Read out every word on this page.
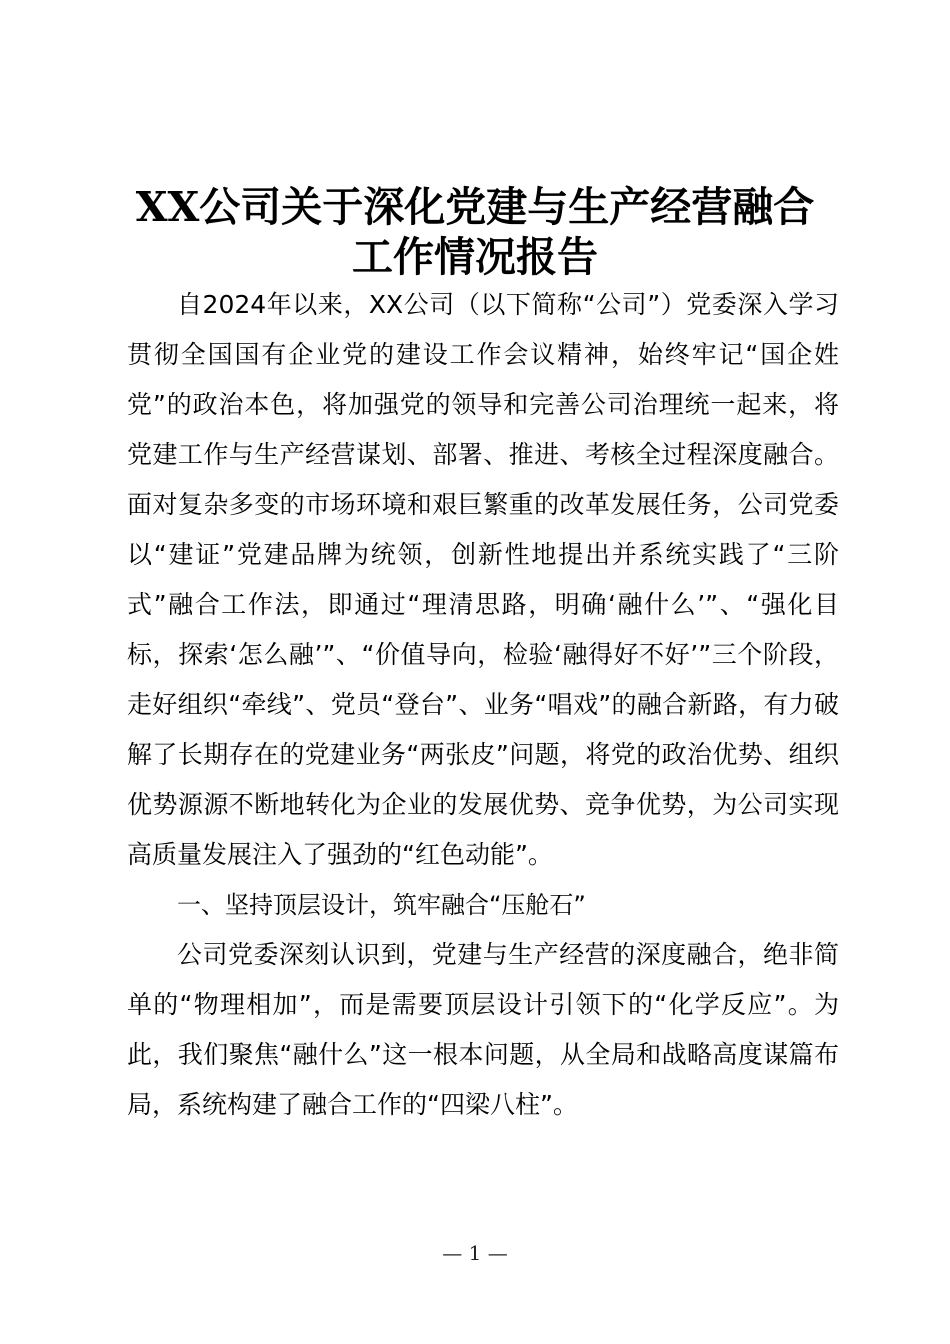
XX公司关于深化党建与生产经营融合
工作情况报告

自2024年以来，XX公司（以下简称“公司”）党委深入学习贯彻全国国有企业党的建设工作会议精神，始终牢记“国企姓党”的政治本色，将加强党的领导和完善公司治理统一起来，将党建工作与生产经营谋划、部署、推进、考核全过程深度融合。面对复杂多变的市场环境和艰巨繁重的改革发展任务，公司党委以“建证”党建品牌为统领，创新性地提出并系统实践了“三阶式”融合工作法，即通过“理清思路，明确‘融什么’”、“强化目标，探索‘怎么融’”、“价值导向，检验‘融得好不好’”三个阶段，走好组织“牵线”、党员“登台”、业务“唱戏”的融合新路，有力破解了长期存在的党建业务“两张皮”问题，将党的政治优势、组织优势源源不断地转化为企业的发展优势、竞争优势，为公司实现高质量发展注入了强劲的“红色动能”。

一、坚持顶层设计，筑牢融合“压舱石”

公司党委深刻认识到，党建与生产经营的深度融合，绝非简单的“物理相加”，而是需要顶层设计引领下的“化学反应”。为此，我们聚焦“融什么”这一根本问题，从全局和战略高度谋篇布局，系统构建了融合工作的“四梁八柱”。

— 1 —
